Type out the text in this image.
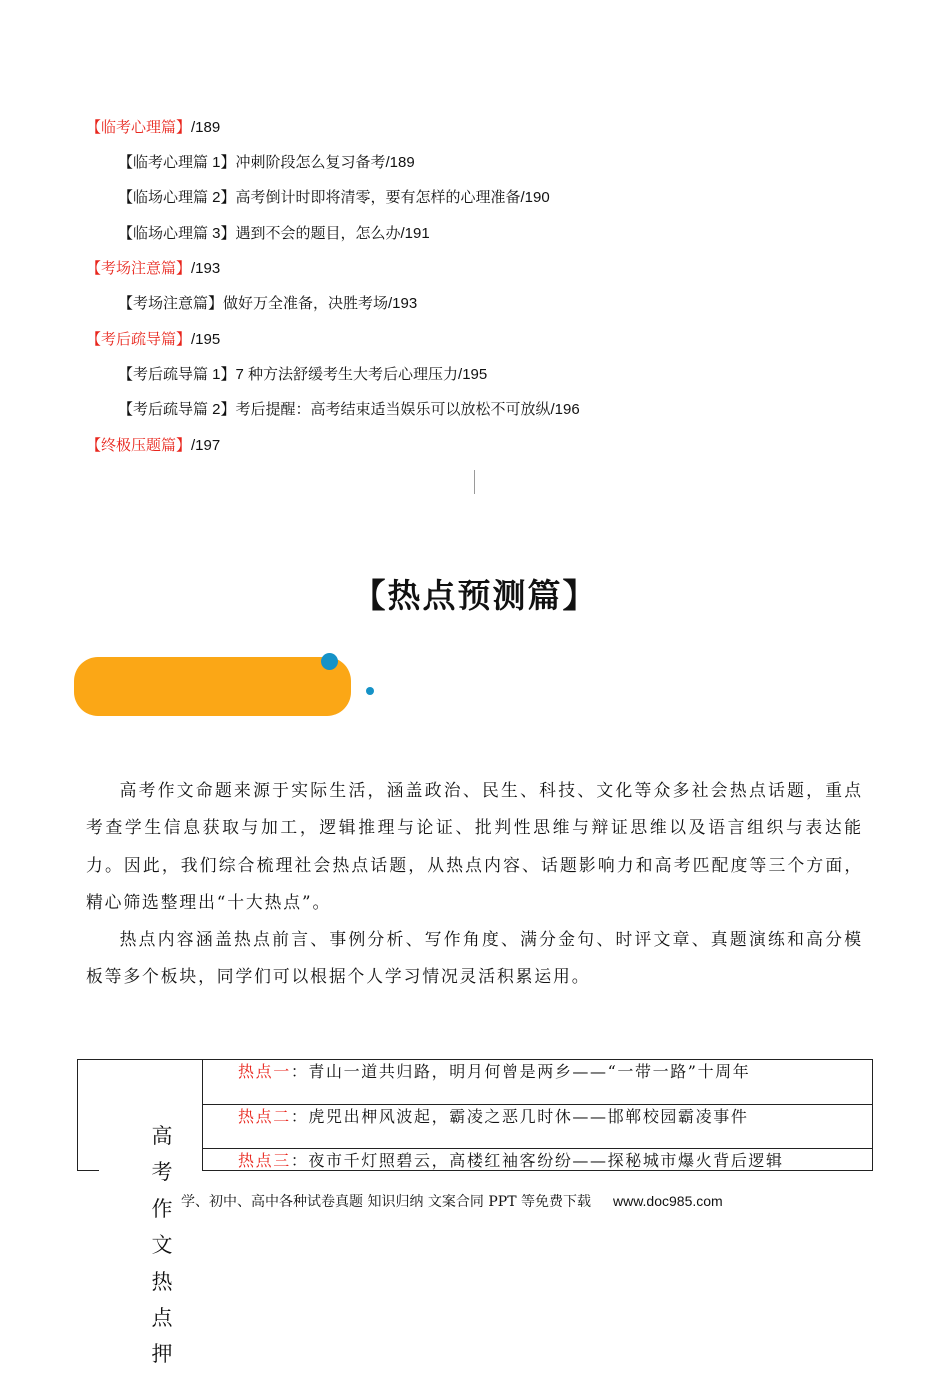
【临考心理篇】/189
【临考心理篇 1】冲刺阶段怎么复习备考/189
【临场心理篇 2】高考倒计时即将清零，要有怎样的心理准备/190
【临场心理篇 3】遇到不会的题目，怎么办/191
【考场注意篇】/193
【考场注意篇】做好万全准备，决胜考场/193
【考后疏导篇】/195
【考后疏导篇 1】7 种方法舒缓考生大考后心理压力/195
【考后疏导篇 2】考后提醒：高考结束适当娱乐可以放松不可放纵/196
【终极压题篇】/197
【热点预测篇】

高考作文命题来源于实际生活，涵盖政治、民生、科技、文化等众多社会热点话题，重点考查学生信息获取与加工，逻辑推理与论证、批判性思维与辩证思维以及语言组织与表达能力。因此，我们综合梳理社会热点话题，从热点内容、话题影响力和高考匹配度等三个方面，精心筛选整理出“十大热点”。

热点内容涵盖热点前言、事例分析、写作角度、满分金句、时评文章、真题演练和高分模板等多个板块，同学们可以根据个人学习情况灵活积累运用。

高
考
作
文
热
点
押
热点一：青山一道共归路，明月何曾是两乡——“一带一路”十周年
热点二：虎兕出柙风波起，霸凌之恶几时休——邯郸校园霸凌事件
热点三：夜市千灯照碧云，高楼红袖客纷纷——探秘城市爆火背后逻辑
学、初中、高中各种试卷真题 知识归纳 文案合同 PPT 等免费下载 www.doc985.com
